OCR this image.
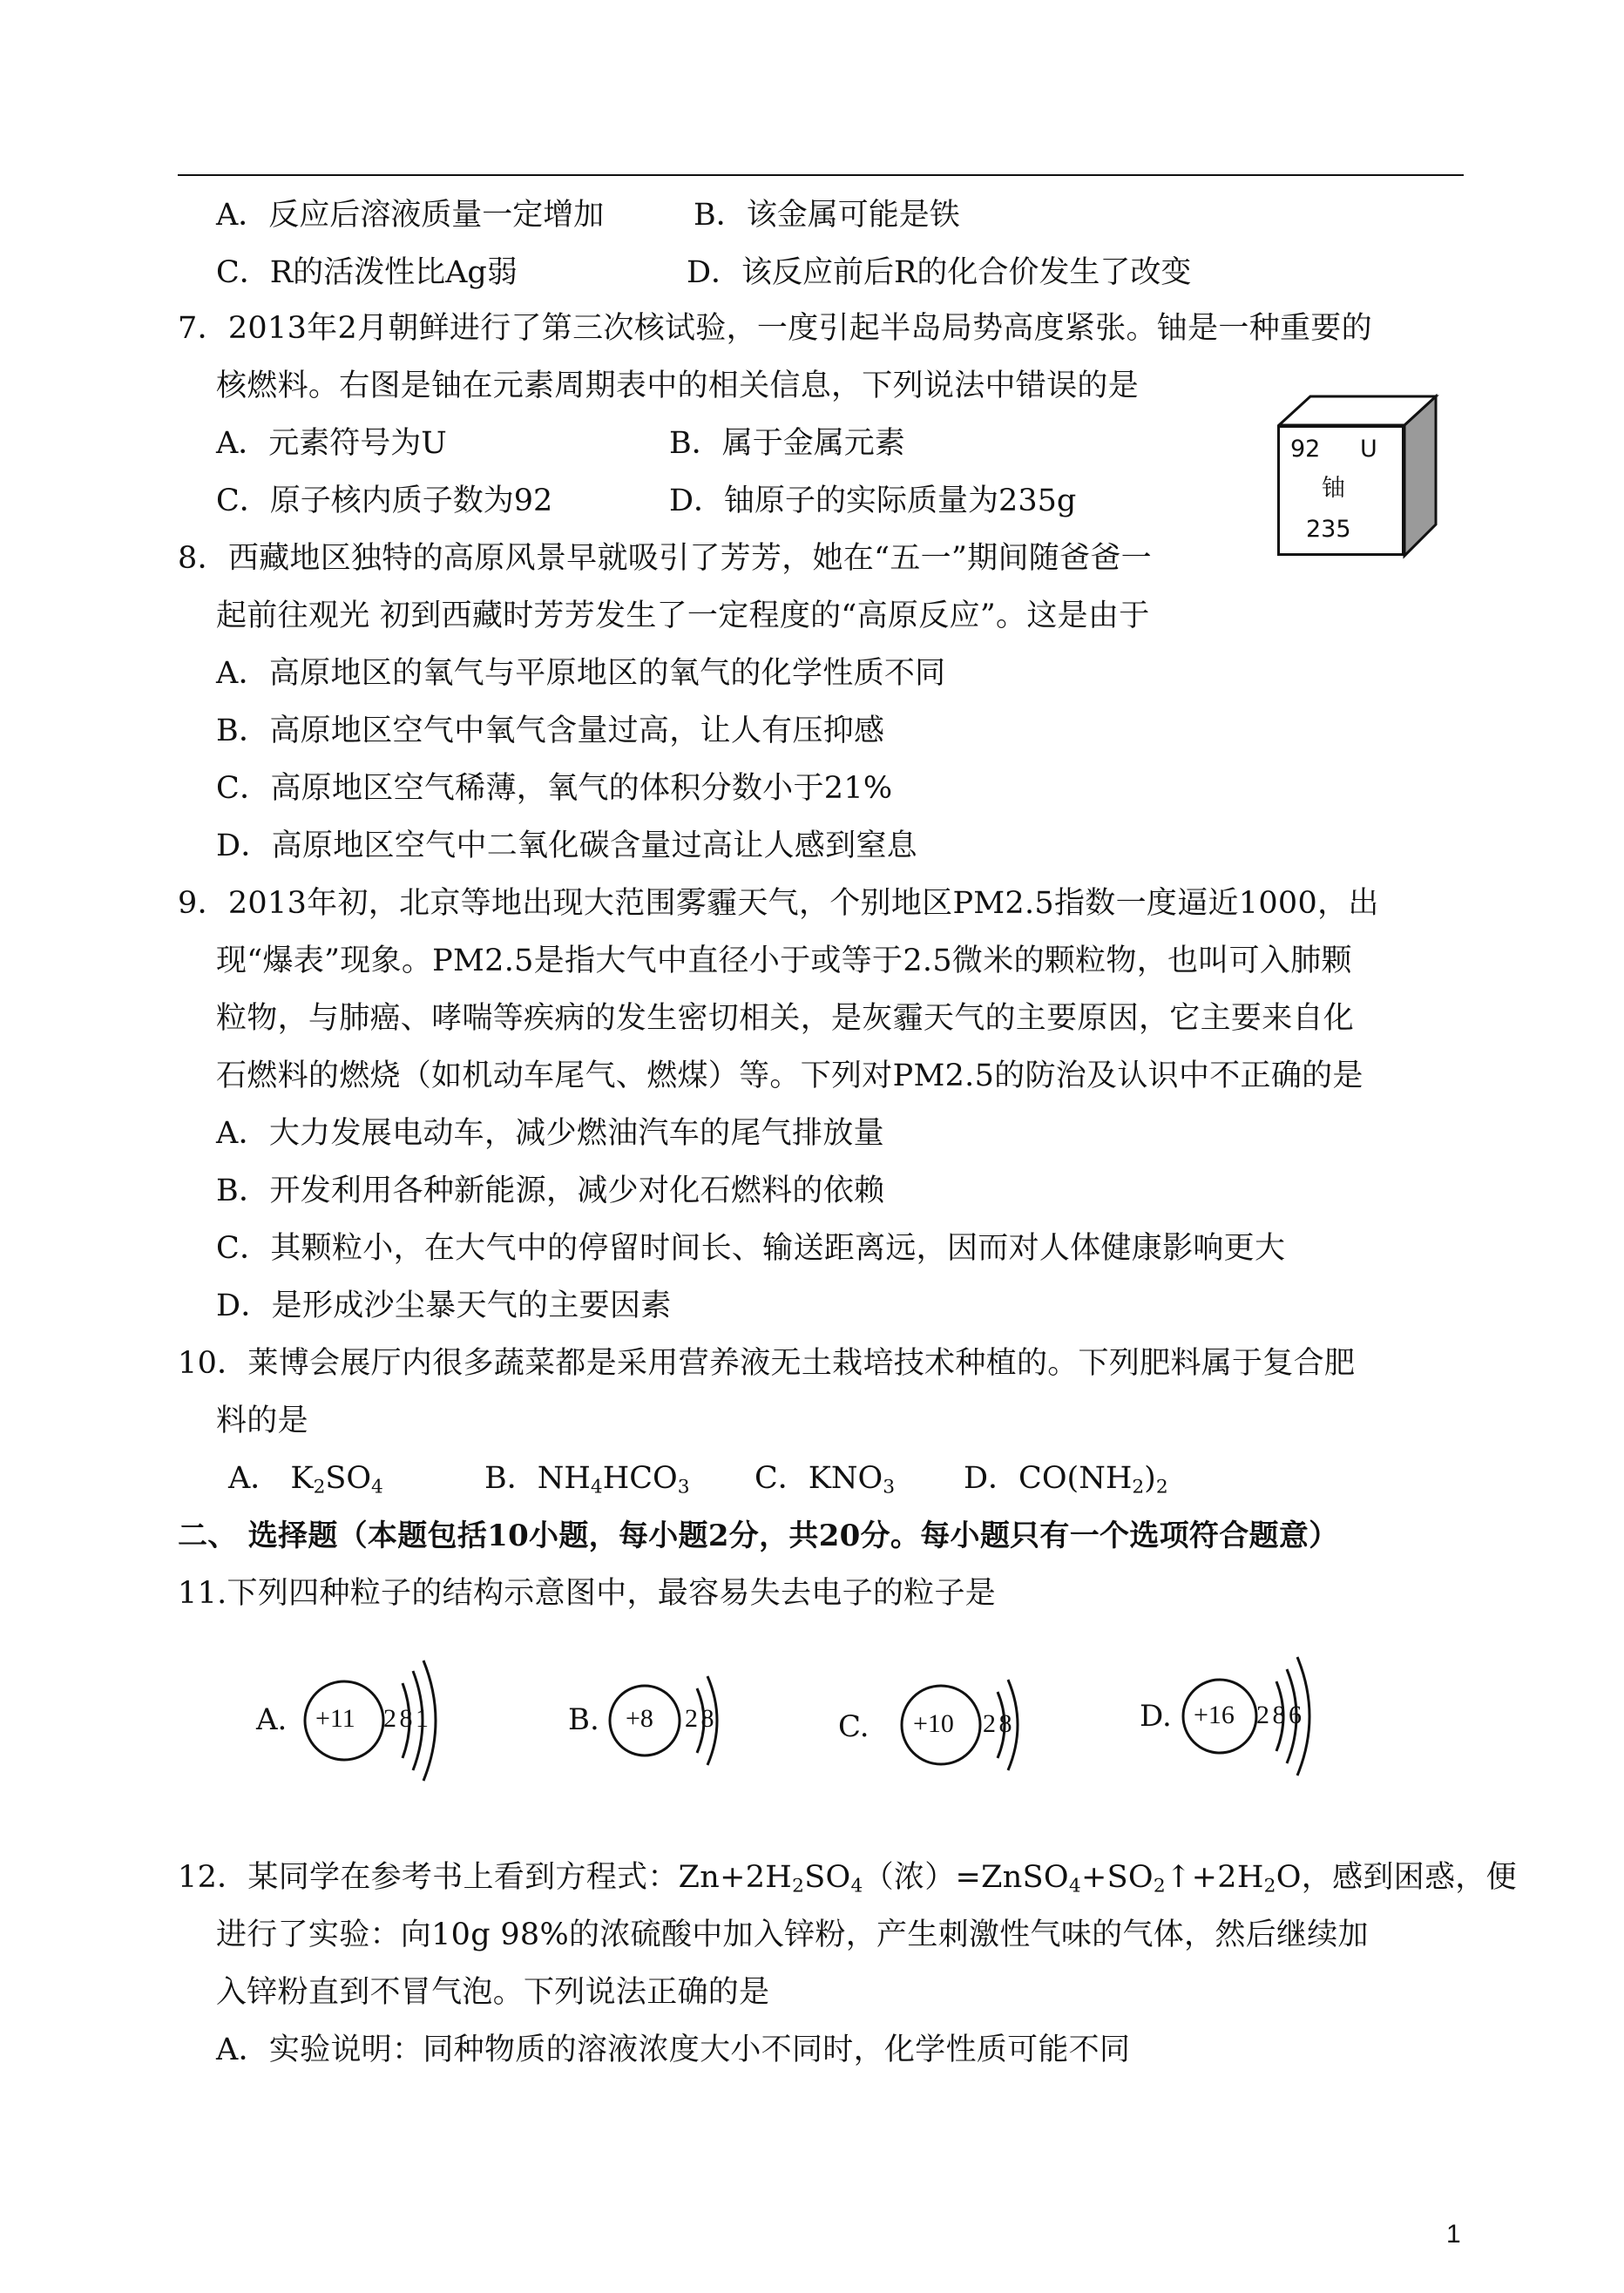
A．反应后溶液质量一定增加	B．该金属可能是铁
C．R的活泼性比Ag弱	D．该反应前后R的化合价发生了改变
7．2013年2月朝鲜进行了第三次核试验，一度引起半岛局势高度紧张。铀是一种重要的
核燃料。右图是铀在元素周期表中的相关信息，下列说法中错误的是
A．元素符号为U	B．属于金属元素
C．原子核内质子数为92	D．铀原子的实际质量为235g
92 U
铀
235
8．西藏地区独特的高原风景早就吸引了芳芳，她在“五一”期间随爸爸一
起前往观光 初到西藏时芳芳发生了一定程度的“高原反应”。这是由于
A．高原地区的氧气与平原地区的氧气的化学性质不同
B．高原地区空气中氧气含量过高，让人有压抑感
C．高原地区空气稀薄，氧气的体积分数小于21%
D．高原地区空气中二氧化碳含量过高让人感到窒息
9．2013年初，北京等地出现大范围雾霾天气，个别地区PM2.5指数一度逼近1000，出
现“爆表”现象。PM2.5是指大气中直径小于或等于2.5微米的颗粒物，也叫可入肺颗
粒物，与肺癌、哮喘等疾病的发生密切相关，是灰霾天气的主要原因，它主要来自化
石燃料的燃烧（如机动车尾气、燃煤）等。下列对PM2.5的防治及认识中不正确的是
A．大力发展电动车，减少燃油汽车的尾气排放量
B．开发利用各种新能源，减少对化石燃料的依赖
C．其颗粒小，在大气中的停留时间长、输送距离远，因而对人体健康影响更大
D．是形成沙尘暴天气的主要因素
10．莱博会展厅内很多蔬菜都是采用营养液无土栽培技术种植的。下列肥料属于复合肥
料的是
A． $K_2SO_4$	B．$NH_4HCO_3$ C．$KNO_3$ D．$CO(NH_2)_2$
二、 选择题（本题包括10小题，每小题2分，共20分。每小题只有一个选项符合题意）
11.下列四种粒子的结构示意图中，最容易失去电子的粒子是
A. +11 2 8 1	B. +8 2 8	C. +10 2 8	D. +16 2 8 6
12．某同学在参考书上看到方程式：$Zn+2H_2SO_4$（浓）$=ZnSO_4+SO_2↑+2H_2O$，感到困惑，便
进行了实验：向10g 98%的浓硫酸中加入锌粉，产生刺激性气味的气体，然后继续加
入锌粉直到不冒气泡。下列说法正确的是
A．实验说明：同种物质的溶液浓度大小不同时，化学性质可能不同
1
